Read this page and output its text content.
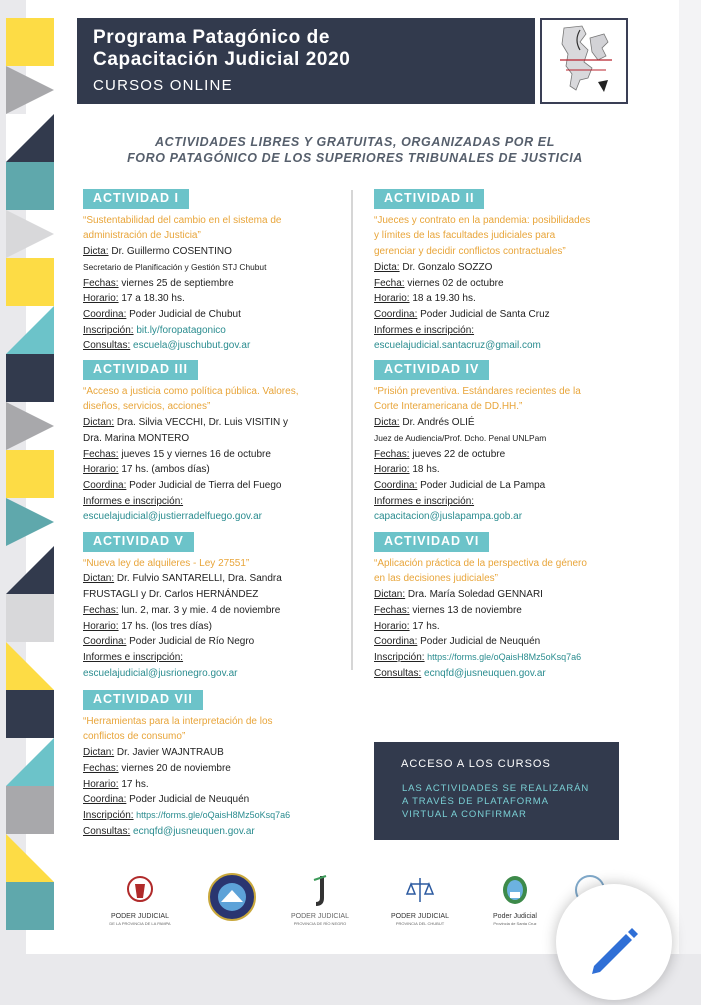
Programa Patagónico de
Capacitación Judicial 2020
CURSOS ONLINE
ACTIVIDADES LIBRES Y GRATUITAS, ORGANIZADAS POR EL
FORO PATAGÓNICO DE LOS SUPERIORES TRIBUNALES DE JUSTICIA
ACTIVIDAD I
“Sustentabilidad del cambio en el sistema de
administración de Justicia”
Dicta: Dr. Guillermo COSENTINO
Secretario de Planificación y Gestión STJ Chubut
Fechas: viernes 25 de septiembre
Horario: 17 a 18.30 hs.
Coordina: Poder Judicial de Chubut
Inscripción: bit.ly/foropatagonico
Consultas: escuela@juschubut.gov.ar
ACTIVIDAD II
“Jueces y contrato en la pandemia: posibilidades
y límites de las facultades judiciales para
gerenciar y decidir conflictos contractuales”
Dicta: Dr. Gonzalo SOZZO
Fecha: viernes 02 de octubre
Horario: 18 a 19.30 hs.
Coordina: Poder Judicial de Santa Cruz
Informes e inscripción:
escuelajudicial.santacruz@gmail.com
ACTIVIDAD III
“Acceso a justicia como política pública. Valores,
diseños, servicios, acciones”
Dictan: Dra. Silvia VECCHI, Dr. Luis VISITIN y
Dra. Marina MONTERO
Fechas: jueves 15 y viernes 16 de octubre
Horario: 17 hs. (ambos días)
Coordina: Poder Judicial de Tierra del Fuego
Informes e inscripción:
escuelajudicial@justierradelfuego.gov.ar
ACTIVIDAD IV
“Prisión preventiva. Estándares recientes de la
Corte Interamericana de DD.HH.”
Dicta: Dr. Andrés OLIÉ
Juez de Audiencia/Prof. Dcho. Penal UNLPam
Fechas: jueves 22 de octubre
Horario: 18 hs.
Coordina: Poder Judicial de La Pampa
Informes e inscripción:
capacitacion@juslapampa.gob.ar
ACTIVIDAD V
“Nueva ley de alquileres - Ley 27551”
Dictan: Dr. Fulvio SANTARELLI, Dra. Sandra
FRUSTAGLI y Dr. Carlos HERNÁNDEZ
Fechas: lun. 2, mar. 3 y mie. 4 de noviembre
Horario: 17 hs. (los tres días)
Coordina: Poder Judicial de Río Negro
Informes e inscripción:
escuelajudicial@jusrionegro.gov.ar
ACTIVIDAD VI
“Aplicación práctica de la perspectiva de género
en las decisiones judiciales”
Dictan: Dra. María Soledad GENNARI
Fechas: viernes 13 de noviembre
Horario: 17 hs.
Coordina: Poder Judicial de Neuquén
Inscripción: https://forms.gle/oQaisH8Mz5oKsq7a6
Consultas: ecnqfd@jusneuquen.gov.ar
ACTIVIDAD VII
“Herramientas para la interpretación de los
conflictos de consumo”
Dictan: Dr. Javier WAJNTRAUB
Fechas: viernes 20 de noviembre
Horario: 17 hs.
Coordina: Poder Judicial de Neuquén
Inscripción: https://forms.gle/oQaisH8Mz5oKsq7a6
Consultas: ecnqfd@jusneuquen.gov.ar
ACCESO A LOS CURSOS
LAS ACTIVIDADES SE REALIZARÁN
A TRAVÉS DE PLATAFORMA
VIRTUAL A CONFIRMAR
PODER JUDICIAL
DE LA PROVINCIA DE LA PAMPA
PODER JUDICIAL
PROVINCIA DE RÍO NEGRO
PODER JUDICIAL
PROVINCIA DEL CHUBUT
Poder Judicial
Provincia de Santa Cruz
